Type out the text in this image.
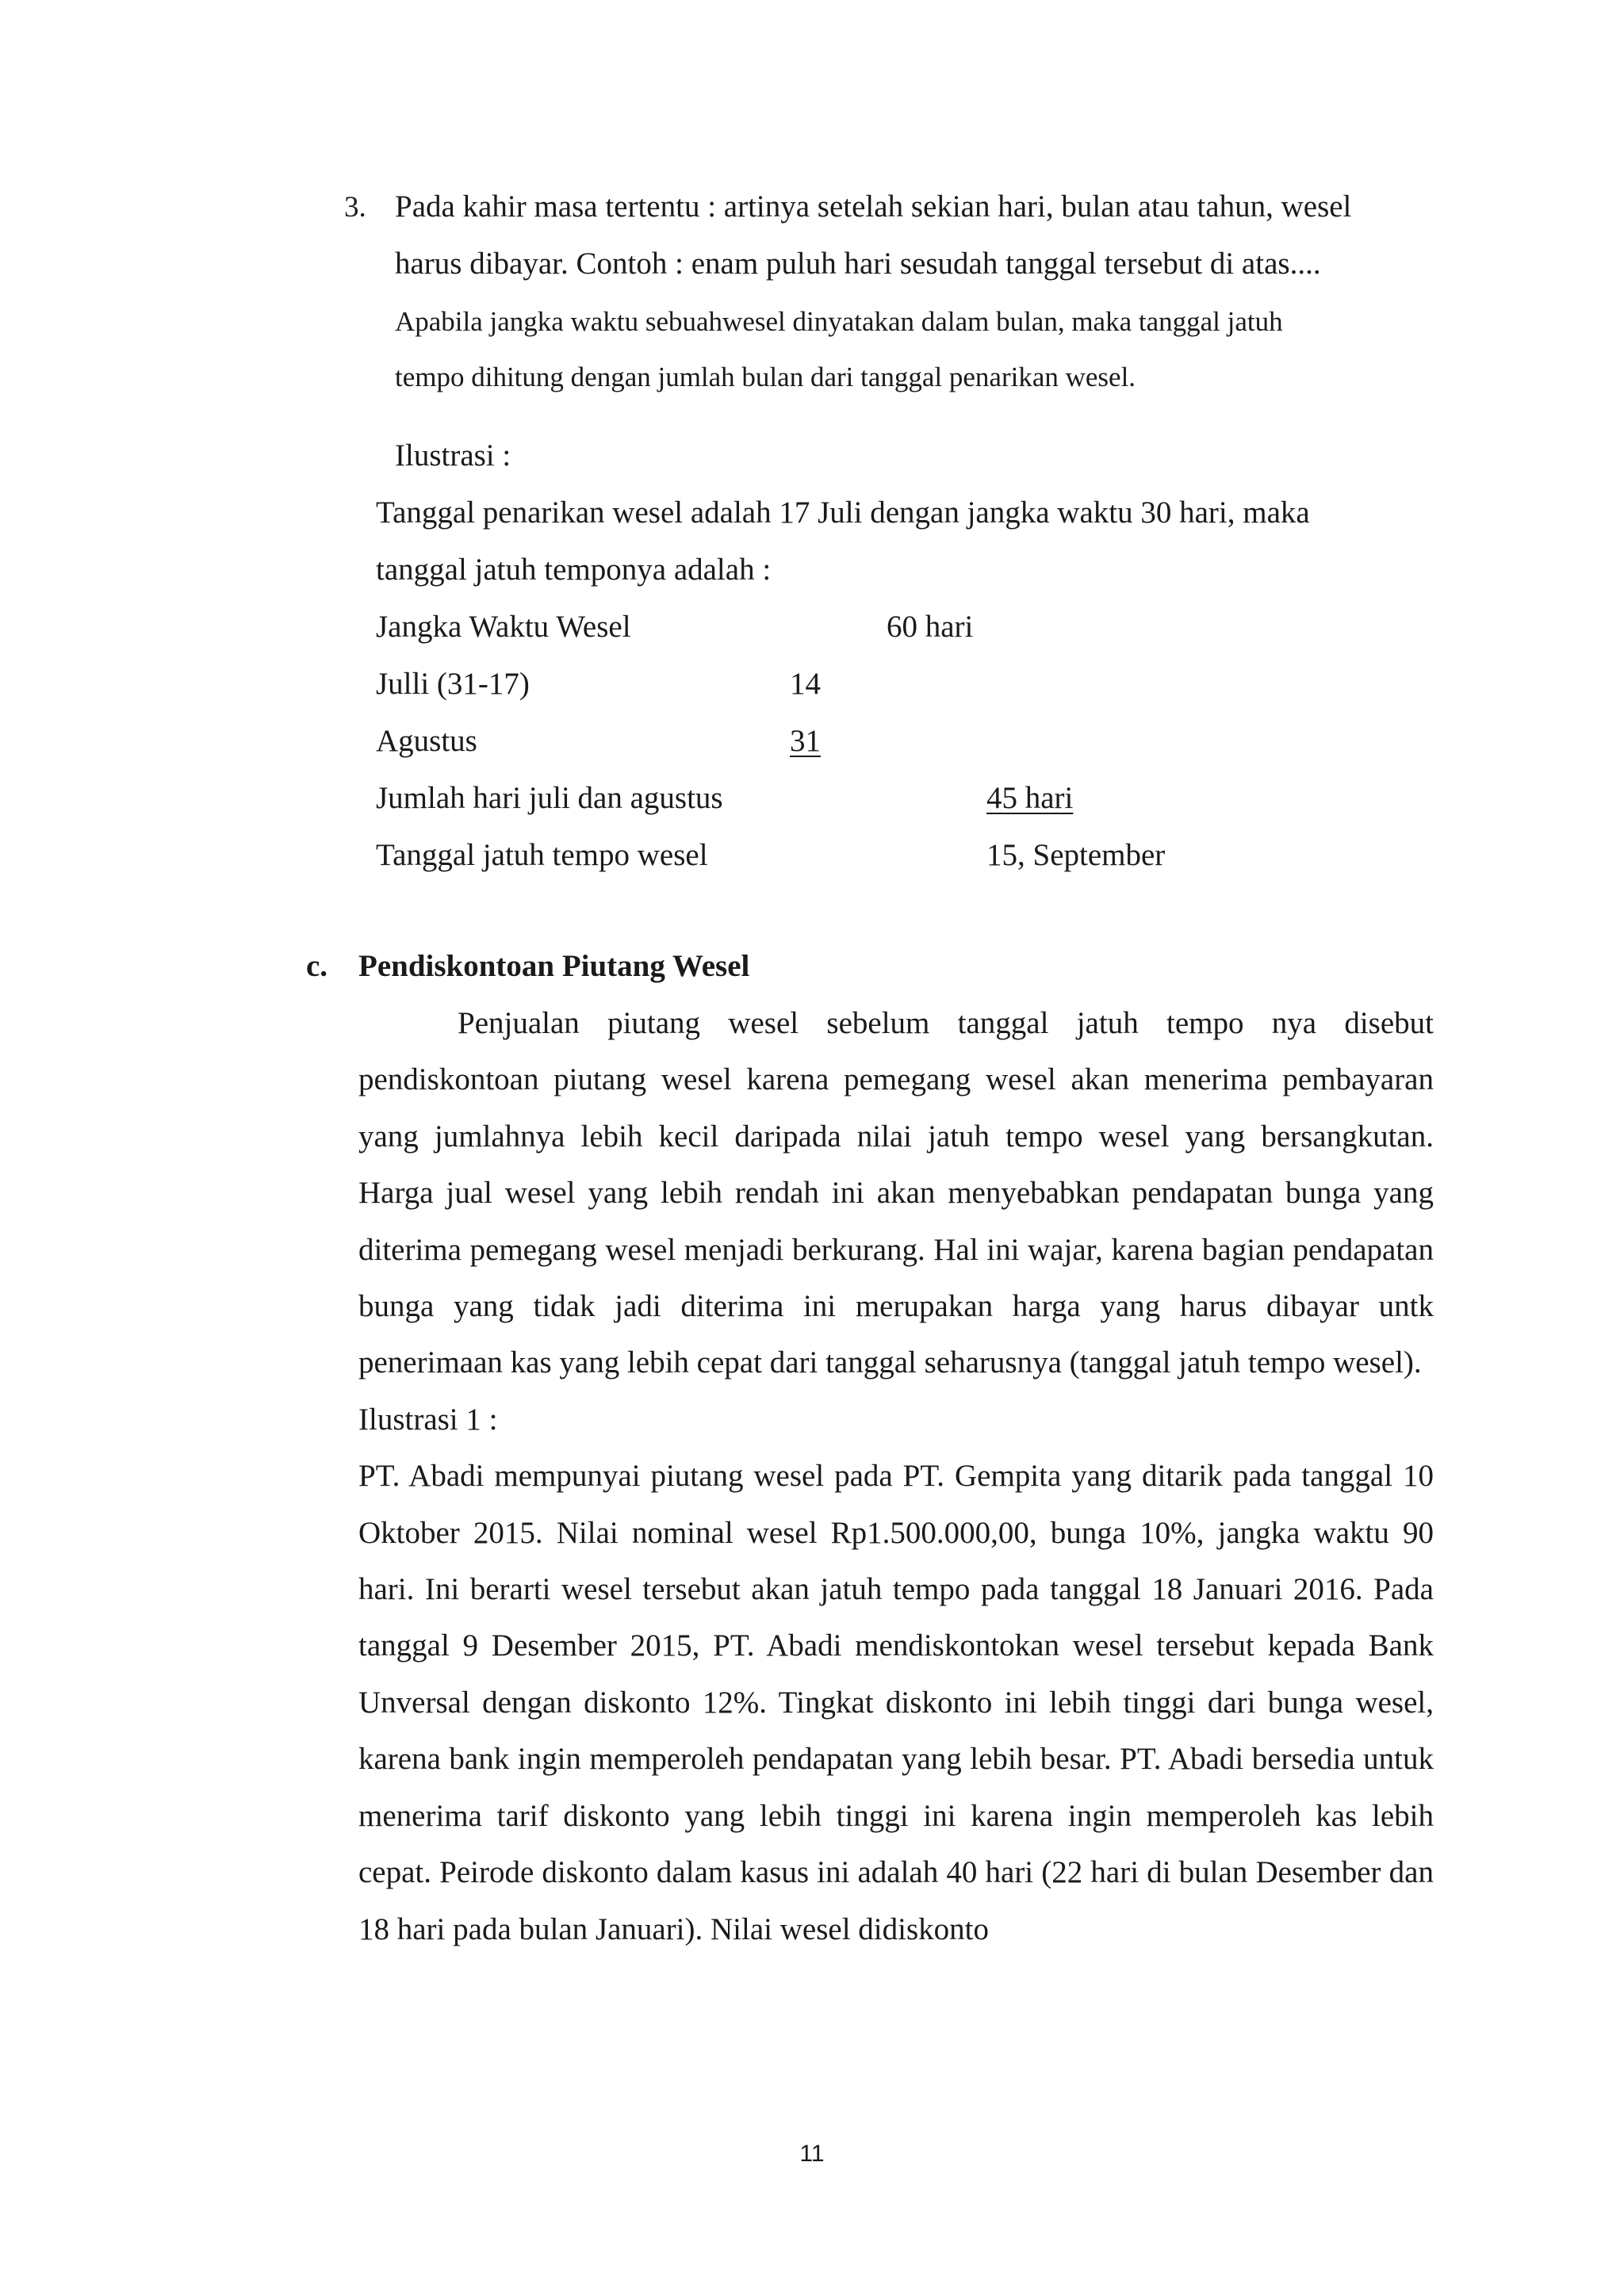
3. Pada kahir masa tertentu : artinya setelah sekian hari, bulan atau tahun, wesel
harus dibayar. Contoh : enam puluh hari sesudah tanggal tersebut di atas....
Apabila jangka waktu sebuahwesel dinyatakan dalam bulan, maka tanggal jatuh
tempo dihitung dengan jumlah bulan dari tanggal penarikan wesel.
Ilustrasi :
Tanggal penarikan wesel adalah 17 Juli dengan jangka waktu 30 hari, maka
tanggal jatuh temponya adalah :
Jangka Waktu Wesel	60 hari
Julli (31-17)	14
Agustus	31
Jumlah hari juli dan agustus	45 hari
Tanggal jatuh tempo wesel	15, September
c. Pendiskontoan Piutang Wesel

Penjualan piutang wesel sebelum tanggal jatuh tempo nya disebut pendiskontoan piutang wesel karena pemegang wesel akan menerima pembayaran yang jumlahnya lebih kecil daripada nilai jatuh tempo wesel yang bersangkutan. Harga jual wesel yang lebih rendah ini akan menyebabkan pendapatan bunga yang diterima pemegang wesel menjadi berkurang. Hal ini wajar, karena bagian pendapatan bunga yang tidak jadi diterima ini merupakan harga yang harus dibayar untk penerimaan kas yang lebih cepat dari tanggal seharusnya (tanggal jatuh tempo wesel).

Ilustrasi 1 :

PT. Abadi mempunyai piutang wesel pada PT. Gempita yang ditarik pada tanggal 10 Oktober 2015. Nilai nominal wesel Rp1.500.000,00, bunga 10%, jangka waktu 90 hari. Ini berarti wesel tersebut akan jatuh tempo pada tanggal 18 Januari 2016. Pada tanggal 9 Desember 2015, PT. Abadi mendiskontokan wesel tersebut kepada Bank Unversal dengan diskonto 12%. Tingkat diskonto ini lebih tinggi dari bunga wesel, karena bank ingin memperoleh pendapatan yang lebih besar. PT. Abadi bersedia untuk menerima tarif diskonto yang lebih tinggi ini karena ingin memperoleh kas lebih cepat. Peirode diskonto dalam kasus ini adalah 40 hari (22 hari di bulan Desember dan 18 hari pada bulan Januari). Nilai wesel didiskonto

11
